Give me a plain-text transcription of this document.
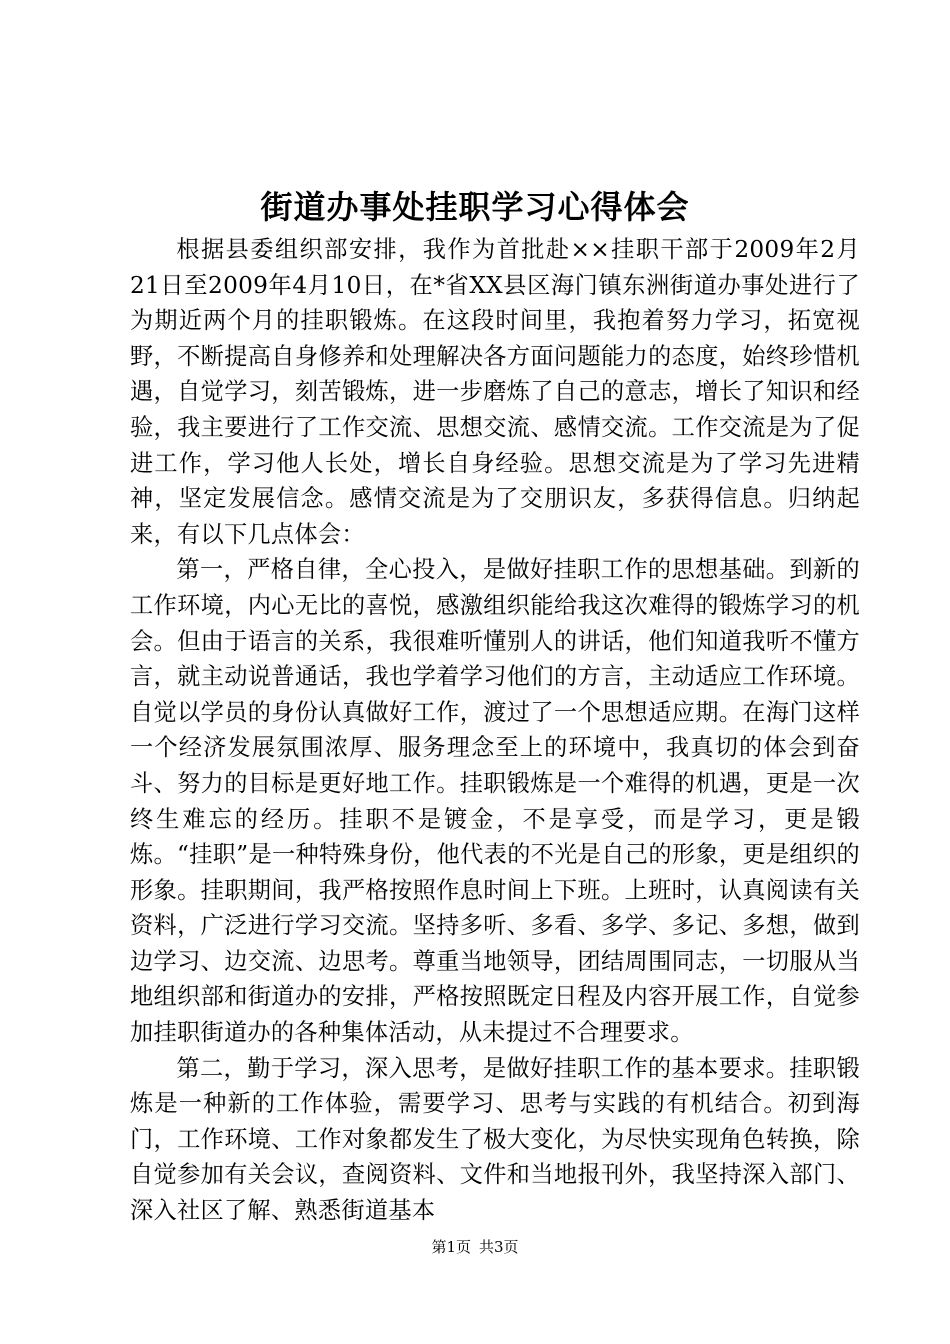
街道办事处挂职学习心得体会

根据县委组织部安排，我作为首批赴××挂职干部于2009年2月21日至2009年4月10日，在*省XX县区海门镇东洲街道办事处进行了为期近两个月的挂职锻炼。在这段时间里，我抱着努力学习，拓宽视野，不断提高自身修养和处理解决各方面问题能力的态度，始终珍惜机遇，自觉学习，刻苦锻炼，进一步磨炼了自己的意志，增长了知识和经验，我主要进行了工作交流、思想交流、感情交流。工作交流是为了促进工作，学习他人长处，增长自身经验。思想交流是为了学习先进精神，坚定发展信念。感情交流是为了交朋识友，多获得信息。归纳起来，有以下几点体会：

第一，严格自律，全心投入，是做好挂职工作的思想基础。到新的工作环境，内心无比的喜悦，感激组织能给我这次难得的锻炼学习的机会。但由于语言的关系，我很难听懂别人的讲话，他们知道我听不懂方言，就主动说普通话，我也学着学习他们的方言，主动适应工作环境。自觉以学员的身份认真做好工作，渡过了一个思想适应期。在海门这样一个经济发展氛围浓厚、服务理念至上的环境中，我真切的体会到奋斗、努力的目标是更好地工作。挂职锻炼是一个难得的机遇，更是一次终生难忘的经历。挂职不是镀金，不是享受，而是学习，更是锻炼。“挂职”是一种特殊身份，他代表的不光是自己的形象，更是组织的形象。挂职期间，我严格按照作息时间上下班。上班时，认真阅读有关资料，广泛进行学习交流。坚持多听、多看、多学、多记、多想，做到边学习、边交流、边思考。尊重当地领导，团结周围同志，一切服从当地组织部和街道办的安排，严格按照既定日程及内容开展工作，自觉参加挂职街道办的各种集体活动，从未提过不合理要求。

第二，勤于学习，深入思考，是做好挂职工作的基本要求。挂职锻炼是一种新的工作体验，需要学习、思考与实践的有机结合。初到海门，工作环境、工作对象都发生了极大变化，为尽快实现角色转换，除自觉参加有关会议，查阅资料、文件和当地报刊外，我坚持深入部门、深入社区了解、熟悉街道基本

第1页 共3页
